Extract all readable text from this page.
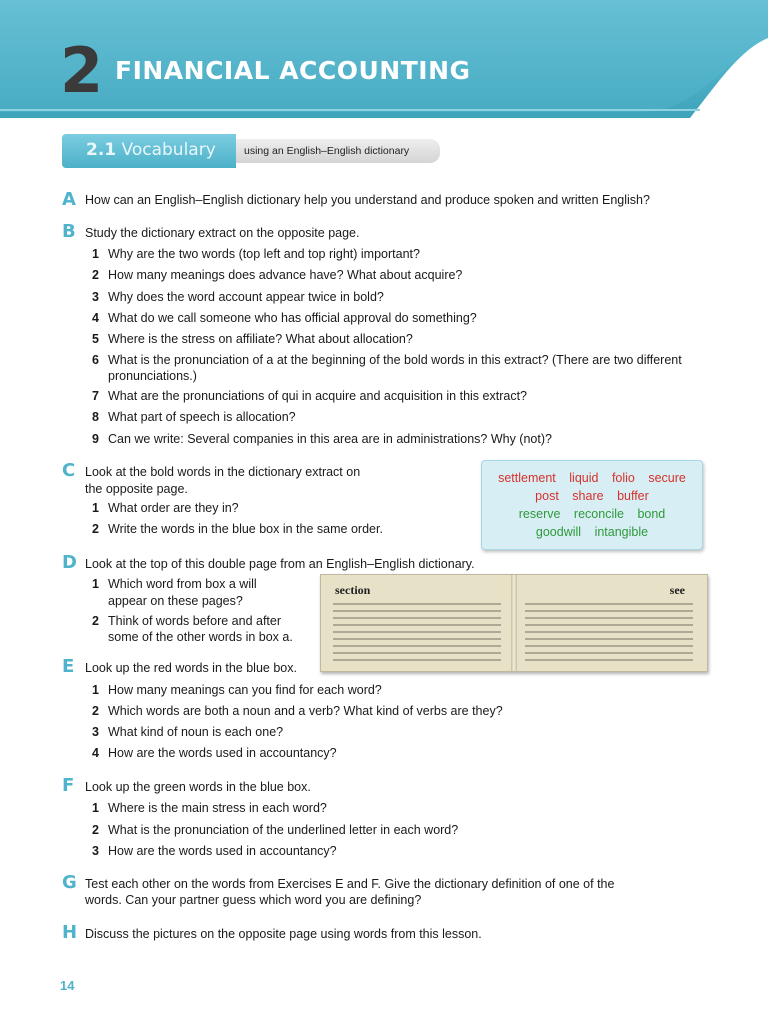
2 FINANCIAL ACCOUNTING
2.1 Vocabulary	using an English–English dictionary
A How can an English–English dictionary help you understand and produce spoken and written English?
B Study the dictionary extract on the opposite page.
1 Why are the two words (top left and top right) important?
2 How many meanings does advance have? What about acquire?
3 Why does the word account appear twice in bold?
4 What do we call someone who has official approval do something?
5 Where is the stress on affiliate? What about allocation?
6 What is the pronunciation of a at the beginning of the bold words in this extract? (There are two different pronunciations.)
7 What are the pronunciations of qui in acquire and acquisition in this extract?
8 What part of speech is allocation?
9 Can we write: Several companies in this area are in administrations? Why (not)?
C Look at the bold words in the dictionary extract on
the opposite page.
1 What order are they in?
2 Write the words in the blue box in the same order.
settlement liquid folio secure
post share buffer
reserve reconcile bond
goodwill intangible
D Look at the top of this double page from an English–English dictionary.
1 Which word from box a will
appear on these pages?
2 Think of words before and after
some of the other words in box a.
section	see
E Look up the red words in the blue box.
1 How many meanings can you find for each word?
2 Which words are both a noun and a verb? What kind of verbs are they?
3 What kind of noun is each one?
4 How are the words used in accountancy?
F Look up the green words in the blue box.
1 Where is the main stress in each word?
2 What is the pronunciation of the underlined letter in each word?
3 How are the words used in accountancy?
G Test each other on the words from Exercises E and F. Give the dictionary definition of one of the
words. Can your partner guess which word you are defining?
H Discuss the pictures on the opposite page using words from this lesson.
14
